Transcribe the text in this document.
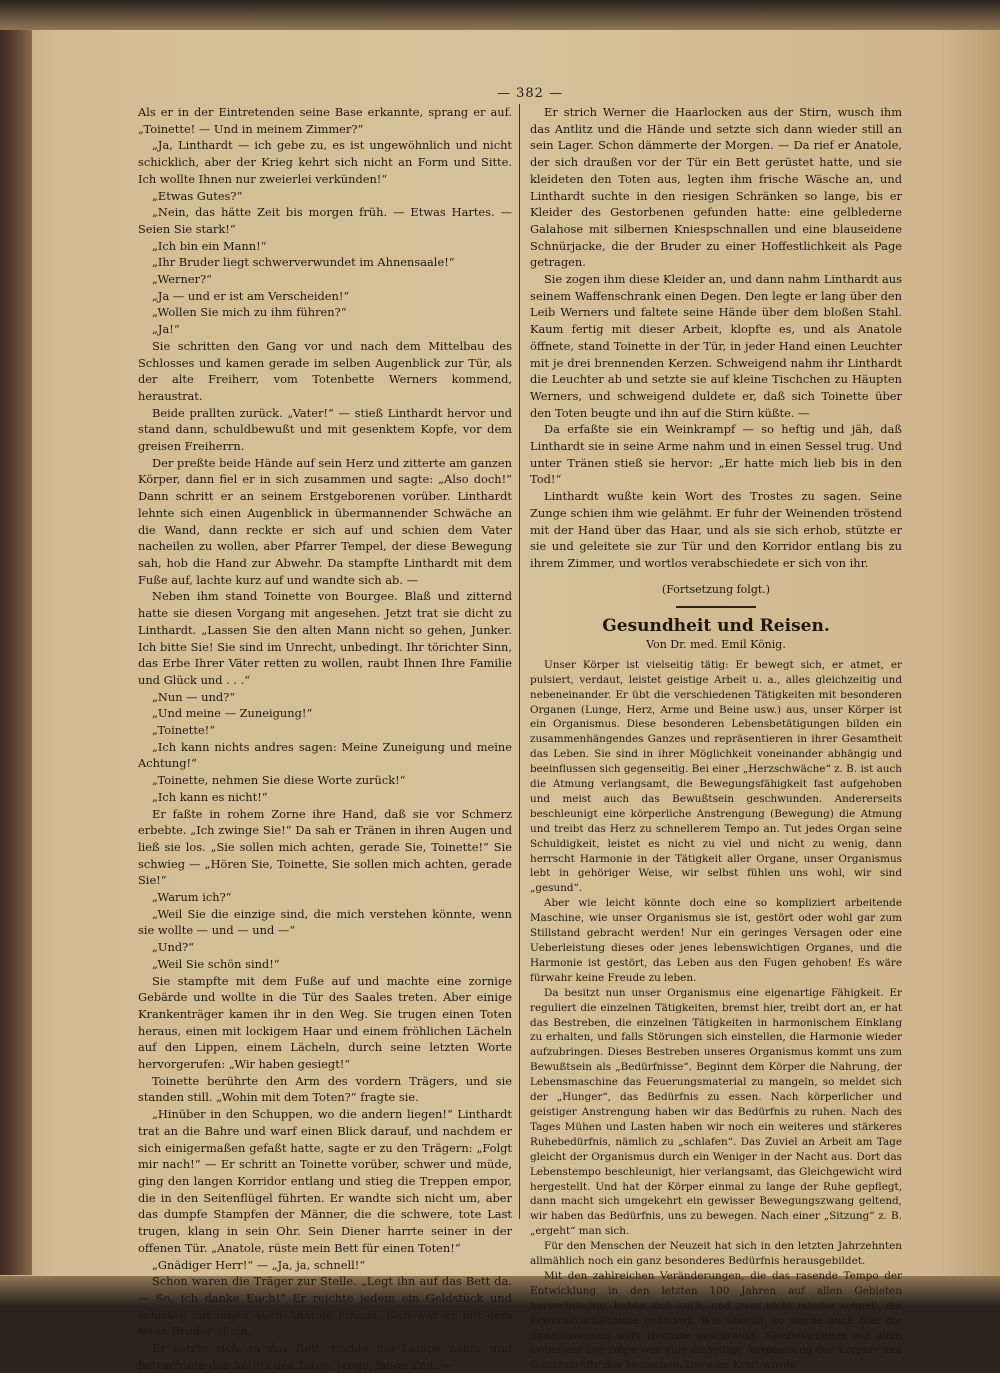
— 382 —

Als er in der Eintretenden seine Base erkannte, sprang er auf. „Toinette! — Und in meinem Zimmer?“

„Ja, Linthardt — ich gebe zu, es ist ungewöhnlich und nicht schicklich, aber der Krieg kehrt sich nicht an Form und Sitte. Ich wollte Ihnen nur zweierlei verkünden!“

„Etwas Gutes?“

„Nein, das hätte Zeit bis morgen früh. — Etwas Hartes. — Seien Sie stark!“

„Ich bin ein Mann!“

„Ihr Bruder liegt schwerverwundet im Ahnensaale!“

„Werner?“

„Ja — und er ist am Verscheiden!“

„Wollen Sie mich zu ihm führen?“

„Ja!“

Sie schritten den Gang vor und nach dem Mittelbau des Schlosses und kamen gerade im selben Augenblick zur Tür, als der alte Freiherr, vom Totenbette Werners kommend, heraustrat.

Beide prallten zurück. „Vater!“ — stieß Linthardt hervor und stand dann, schuldbewußt und mit gesenktem Kopfe, vor dem greisen Freiherrn.

Der preßte beide Hände auf sein Herz und zitterte am ganzen Körper, dann fiel er in sich zusammen und sagte: „Also doch!“ Dann schritt er an seinem Erstgeborenen vorüber. Linthardt lehnte sich einen Augenblick in übermannender Schwäche an die Wand, dann reckte er sich auf und schien dem Vater nacheilen zu wollen, aber Pfarrer Tempel, der diese Bewegung sah, hob die Hand zur Abwehr. Da stampfte Linthardt mit dem Fuße auf, lachte kurz auf und wandte sich ab. —

Neben ihm stand Toinette von Bourgee. Blaß und zitternd hatte sie diesen Vorgang mit angesehen. Jetzt trat sie dicht zu Linthardt. „Lassen Sie den alten Mann nicht so gehen, Junker. Ich bitte Sie! Sie sind im Unrecht, unbedingt. Ihr törichter Sinn, das Erbe Ihrer Väter retten zu wollen, raubt Ihnen Ihre Familie und Glück und . . .“

„Nun — und?“

„Und meine — Zuneigung!“

„Toinette!“

„Ich kann nichts andres sagen: Meine Zuneigung und meine Achtung!“

„Toinette, nehmen Sie diese Worte zurück!“

„Ich kann es nicht!“

Er faßte in rohem Zorne ihre Hand, daß sie vor Schmerz erbebte. „Ich zwinge Sie!“ Da sah er Tränen in ihren Augen und ließ sie los. „Sie sollen mich achten, gerade Sie, Toinette!“ Sie schwieg — „Hören Sie, Toinette, Sie sollen mich achten, gerade Sie!“

„Warum ich?“

„Weil Sie die einzige sind, die mich verstehen könnte, wenn sie wollte — und — und —“

„Und?“

„Weil Sie schön sind!“

Sie stampfte mit dem Fuße auf und machte eine zornige Gebärde und wollte in die Tür des Saales treten. Aber einige Krankenträger kamen ihr in den Weg. Sie trugen einen Toten heraus, einen mit lockigem Haar und einem fröhlichen Lächeln auf den Lippen, einem Lächeln, durch seine letzten Worte hervorgerufen: „Wir haben gesiegt!“

Toinette berührte den Arm des vordern Trägers, und sie standen still. „Wohin mit dem Toten?“ fragte sie.

„Hinüber in den Schuppen, wo die andern liegen!“ Linthardt trat an die Bahre und warf einen Blick darauf, und nachdem er sich einigermaßen gefaßt hatte, sagte er zu den Trägern: „Folgt mir nach!“ — Er schritt an Toinette vorüber, schwer und müde, ging den langen Korridor entlang und stieg die Treppen empor, die in den Seitenflügel führten. Er wandte sich nicht um, aber das dumpfe Stampfen der Männer, die die schwere, tote Last trugen, klang in sein Ohr. Sein Diener harrte seiner in der offenen Tür. „Anatole, rüste mein Bett für einen Toten!“

„Gnädiger Herr!“ — „Ja, ja, schnell!“

Schon waren die Träger zur Stelle. „Legt ihn auf das Bett da. — So, ich danke Euch!“ Er reichte jedem ein Geldstück und schickte mit ihnen auch Anatole hinaus. Nun war er mit dem toten Bruder allein.

Er setzte sich an das Bett, rückte die Lampe näher und betrachtete das Antlitz des Toten, lange, lange Zeit. —

Er strich Werner die Haarlocken aus der Stirn, wusch ihm das Antlitz und die Hände und setzte sich dann wieder still an sein Lager. Schon dämmerte der Morgen. — Da rief er Anatole, der sich draußen vor der Tür ein Bett gerüstet hatte, und sie kleideten den Toten aus, legten ihm frische Wäsche an, und Linthardt suchte in den riesigen Schränken so lange, bis er Kleider des Gestorbenen gefunden hatte: eine gelblederne Galahose mit silbernen Kniespschnallen und eine blauseidene Schnürjacke, die der Bruder zu einer Hoffestlichkeit als Page getragen.

Sie zogen ihm diese Kleider an, und dann nahm Linthardt aus seinem Waffenschrank einen Degen. Den legte er lang über den Leib Werners und faltete seine Hände über dem bloßen Stahl. Kaum fertig mit dieser Arbeit, klopfte es, und als Anatole öffnete, stand Toinette in der Tür, in jeder Hand einen Leuchter mit je drei brennenden Kerzen. Schweigend nahm ihr Linthardt die Leuchter ab und setzte sie auf kleine Tischchen zu Häupten Werners, und schweigend duldete er, daß sich Toinette über den Toten beugte und ihn auf die Stirn küßte. —

Da erfaßte sie ein Weinkrampf — so heftig und jäh, daß Linthardt sie in seine Arme nahm und in einen Sessel trug. Und unter Tränen stieß sie hervor: „Er hatte mich lieb bis in den Tod!“

Linthardt wußte kein Wort des Trostes zu sagen. Seine Zunge schien ihm wie gelähmt. Er fuhr der Weinenden tröstend mit der Hand über das Haar, und als sie sich erhob, stützte er sie und geleitete sie zur Tür und den Korridor entlang bis zu ihrem Zimmer, und wortlos verabschiedete er sich von ihr.

(Fortsetzung folgt.)
Gesundheit und Reisen.
Von Dr. med. Emil König.

Unser Körper ist vielseitig tätig: Er bewegt sich, er atmet, er pulsiert, verdaut, leistet geistige Arbeit u. a., alles gleichzeitig und nebeneinander. Er übt die verschiedenen Tätigkeiten mit besonderen Organen (Lunge, Herz, Arme und Beine usw.) aus, unser Körper ist ein Organismus. Diese besonderen Lebensbetätigungen bilden ein zusammenhängendes Ganzes und repräsentieren in ihrer Gesamtheit das Leben. Sie sind in ihrer Möglichkeit voneinander abhängig und beeinflussen sich gegenseitig. Bei einer „Herzschwäche“ z. B. ist auch die Atmung verlangsamt, die Bewegungsfähigkeit fast aufgehoben und meist auch das Bewußtsein geschwunden. Andererseits beschleunigt eine körperliche Anstrengung (Bewegung) die Atmung und treibt das Herz zu schnellerem Tempo an. Tut jedes Organ seine Schuldigkeit, leistet es nicht zu viel und nicht zu wenig, dann herrscht Harmonie in der Tätigkeit aller Organe, unser Organismus lebt in gehöriger Weise, wir selbst fühlen uns wohl, wir sind „gesund“.

Aber wie leicht könnte doch eine so kompliziert arbeitende Maschine, wie unser Organismus sie ist, gestört oder wohl gar zum Stillstand gebracht werden! Nur ein geringes Versagen oder eine Ueberleistung dieses oder jenes lebenswichtigen Organes, und die Harmonie ist gestört, das Leben aus den Fugen gehoben! Es wäre fürwahr keine Freude zu leben.

Da besitzt nun unser Organismus eine eigenartige Fähigkeit. Er reguliert die einzelnen Tätigkeiten, bremst hier, treibt dort an, er hat das Bestreben, die einzelnen Tätigkeiten in harmonischem Einklang zu erhalten, und falls Störungen sich einstellen, die Harmonie wieder aufzubringen. Dieses Bestreben unseres Organismus kommt uns zum Bewußtsein als „Bedürfnisse“. Beginnt dem Körper die Nahrung, der Lebensmaschine das Feuerungsmaterial zu mangeln, so meldet sich der „Hunger“, das Bedürfnis zu essen. Nach körperlicher und geistiger Anstrengung haben wir das Bedürfnis zu ruhen. Nach des Tages Mühen und Lasten haben wir noch ein weiteres und stärkeres Ruhebedürfnis, nämlich zu „schlafen“. Das Zuviel an Arbeit am Tage gleicht der Organismus durch ein Weniger in der Nacht aus. Dort das Lebenstempo beschleunigt, hier verlangsamt, das Gleichgewicht wird hergestellt. Und hat der Körper einmal zu lange der Ruhe gepflegt, dann macht sich umgekehrt ein gewisser Bewegungszwang geltend, wir haben das Bedürfnis, uns zu bewegen. Nach einer „Sitzung“ z. B. „ergeht“ man sich.

Für den Menschen der Neuzeit hat sich in den letzten Jahrzehnten allmählich noch ein ganz besonderes Bedürfnis herausgebildet.

Mit den zahlreichen Veränderungen, die das rasende Tempo der Entwicklung in den letzten 100 Jahren auf allen Gebieten hervorbrachte, haben sich auch, und zwar nicht minder schnell, die Erwerbsverhältnisse geändert. Wie überall, so wurde auch hier die Spezialisierung aufs Höchste geschraubt. Spezialarbeiter auf allen Gebieten! Die Folge war eine einseitige Anspannung der Körper- und Geisteskräfte des Menschen. Die eine Kraft wurde
